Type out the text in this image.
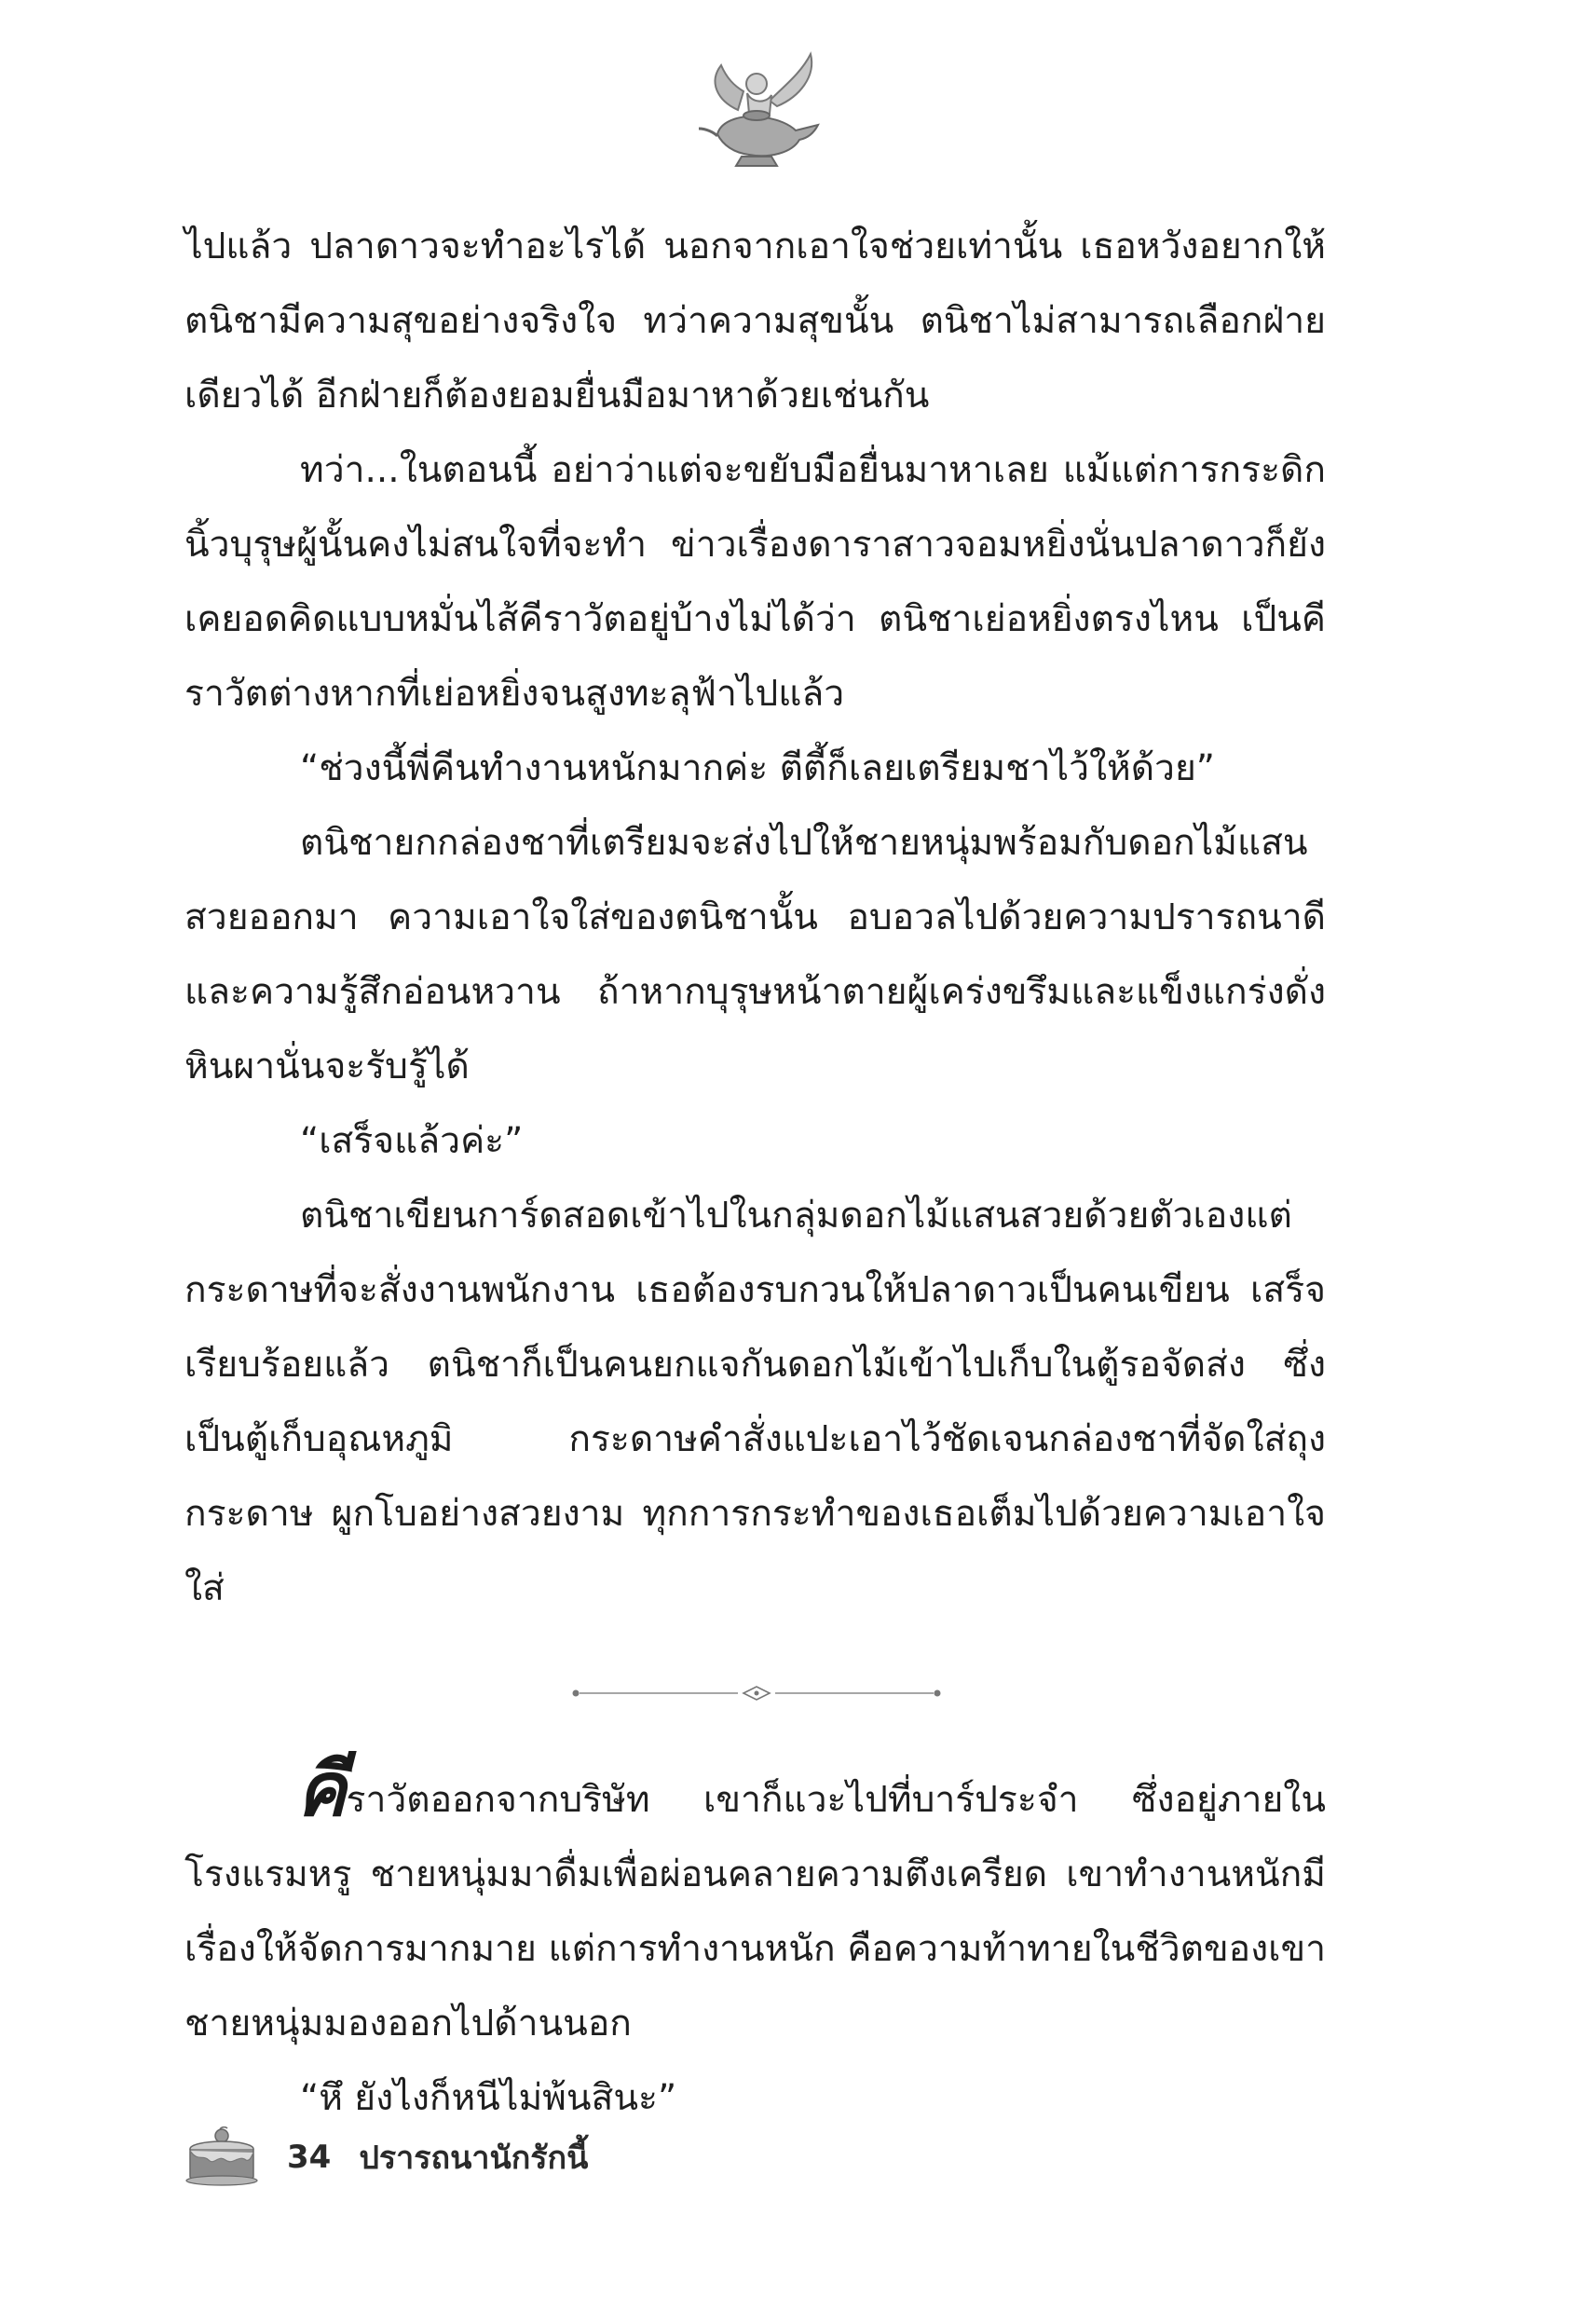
ไปแล้ว ปลาดาวจะทำอะไรได้ นอกจากเอาใจช่วยเท่านั้น เธอหวังอยากให้ตนิชามีความสุขอย่างจริงใจ ทว่าความสุขนั้น ตนิชาไม่สามารถเลือกฝ่ายเดียวได้ อีกฝ่ายก็ต้องยอมยื่นมือมาหาด้วยเช่นกัน

ทว่า...ในตอนนี้ อย่าว่าแต่จะขยับมือยื่นมาหาเลย แม้แต่การกระดิกนิ้วบุรุษผู้นั้นคงไม่สนใจที่จะทำ ข่าวเรื่องดาราสาวจอมหยิ่งนั่นปลาดาวก็ยังเคยอดคิดแบบหมั่นไส้คีราวัตอยู่บ้างไม่ได้ว่า ตนิชาเย่อหยิ่งตรงไหน เป็นคีราวัตต่างหากที่เย่อหยิ่งจนสูงทะลุฟ้าไปแล้ว

“ช่วงนี้พี่คีนทำงานหนักมากค่ะ ตีตี้ก็เลยเตรียมชาไว้ให้ด้วย”

ตนิชายกกล่องชาที่เตรียมจะส่งไปให้ชายหนุ่มพร้อมกับดอกไม้แสนสวยออกมา ความเอาใจใส่ของตนิชานั้น อบอวลไปด้วยความปรารถนาดีและความรู้สึกอ่อนหวาน ถ้าหากบุรุษหน้าตายผู้เคร่งขรึมและแข็งแกร่งดั่งหินผานั่นจะรับรู้ได้

“เสร็จแล้วค่ะ”

ตนิชาเขียนการ์ดสอดเข้าไปในกลุ่มดอกไม้แสนสวยด้วยตัวเองแต่กระดาษที่จะสั่งงานพนักงาน เธอต้องรบกวนให้ปลาดาวเป็นคนเขียน เสร็จเรียบร้อยแล้ว ตนิชาก็เป็นคนยกแจกันดอกไม้เข้าไปเก็บในตู้รอจัดส่ง ซึ่งเป็นตู้เก็บอุณหภูมิ กระดาษคำสั่งแปะเอาไว้ชัดเจนกล่องชาที่จัดใส่ถุงกระดาษ ผูกโบอย่างสวยงาม ทุกการกระทำของเธอเต็มไปด้วยความเอาใจใส่

คีราวัตออกจากบริษัท เขาก็แวะไปที่บาร์ประจำ ซึ่งอยู่ภายในโรงแรมหรู ชายหนุ่มมาดื่มเพื่อผ่อนคลายความตึงเครียด เขาทำงานหนักมีเรื่องให้จัดการมากมาย แต่การทำงานหนัก คือความท้าทายในชีวิตของเขา ชายหนุ่มมองออกไปด้านนอก

“หึ ยังไงก็หนีไม่พ้นสินะ”

34 ปรารถนานักรักนี้
